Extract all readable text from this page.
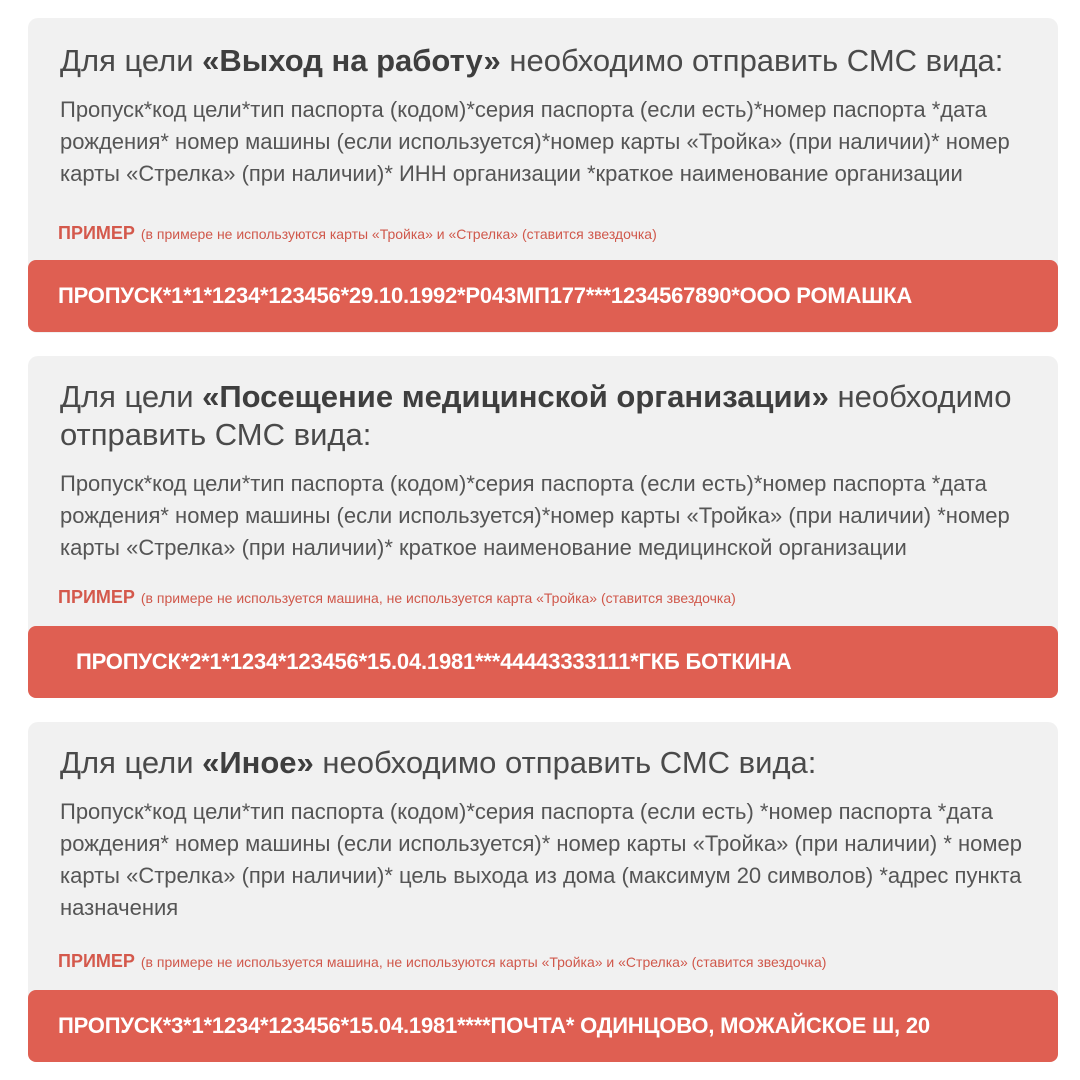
Для цели «Выход на работу» необходимо отправить СМС вида:

Пропуск*код цели*тип паспорта (кодом)*серия паспорта (если есть)*номер паспорта *дата рождения* номер машины (если используется)*номер карты «Тройка» (при наличии)* номер карты «Стрелка» (при наличии)* ИНН организации *краткое наименование организации

ПРИМЕР (в примере не используются карты «Тройка» и «Стрелка» (ставится звездочка)

ПРОПУСК*1*1*1234*123456*29.10.1992*Р043МП177***1234567890*ООО РОМАШКА
Для цели «Посещение медицинской организации» необходимо отправить СМС вида:

Пропуск*код цели*тип паспорта (кодом)*серия паспорта (если есть)*номер паспорта *дата рождения* номер машины (если используется)*номер карты «Тройка» (при наличии) *номер карты «Стрелка» (при наличии)* краткое наименование медицинской организации

ПРИМЕР (в примере не используется машина, не используется карта «Тройка» (ставится звездочка)

ПРОПУСК*2*1*1234*123456*15.04.1981***44443333111*ГКБ БОТКИНА
Для цели «Иное» необходимо отправить СМС вида:

Пропуск*код цели*тип паспорта (кодом)*серия паспорта (если есть) *номер паспорта *дата рождения* номер машины (если используется)* номер карты «Тройка» (при наличии) * номер карты «Стрелка» (при наличии)* цель выхода из дома (максимум 20 символов) *адрес пункта назначения

ПРИМЕР (в примере не используется машина, не используются карты «Тройка» и «Стрелка» (ставится звездочка)

ПРОПУСК*3*1*1234*123456*15.04.1981****ПОЧТА* ОДИНЦОВО, МОЖАЙСКОЕ Ш, 20
